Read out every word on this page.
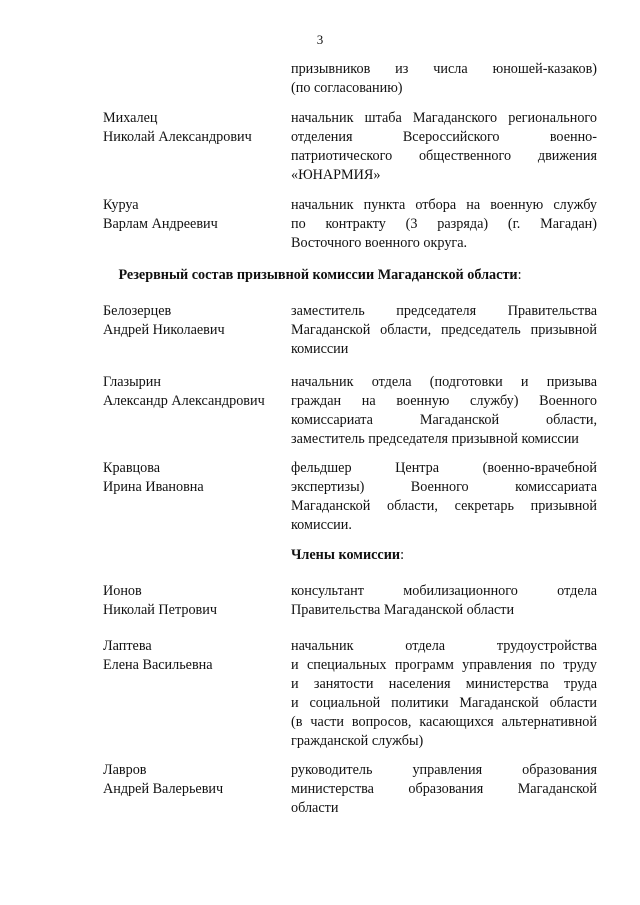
3
призывников из числа юношей-казаков)
(по согласованию)
Михалец
Николай Александрович
начальник штаба Магаданского регионального
отделения Всероссийского военно-
патриотического общественного движения
«ЮНАРМИЯ»
Куруа
Варлам Андреевич
начальник пункта отбора на военную службу
по контракту (3 разряда) (г. Магадан)
Восточного военного округа.
Резервный состав призывной комиссии Магаданской области:
Белозерцев
Андрей Николаевич
заместитель председателя Правительства
Магаданской области, председатель призывной
комиссии
Глазырин
Александр Александрович
начальник отдела (подготовки и призыва
граждан на военную службу) Военного
комиссариата Магаданской области,
заместитель председателя призывной комиссии
Кравцова
Ирина Ивановна
фельдшер Центра (военно-врачебной
экспертизы) Военного комиссариата
Магаданской области, секретарь призывной
комиссии.
Члены комиссии:
Ионов
Николай Петрович
консультант мобилизационного отдела
Правительства Магаданской области
Лаптева
Елена Васильевна
начальник отдела трудоустройства
и специальных программ управления по труду
и занятости населения министерства труда
и социальной политики Магаданской области
(в части вопросов, касающихся альтернативной
гражданской службы)
Лавров
Андрей Валерьевич
руководитель управления образования
министерства образования Магаданской
области
